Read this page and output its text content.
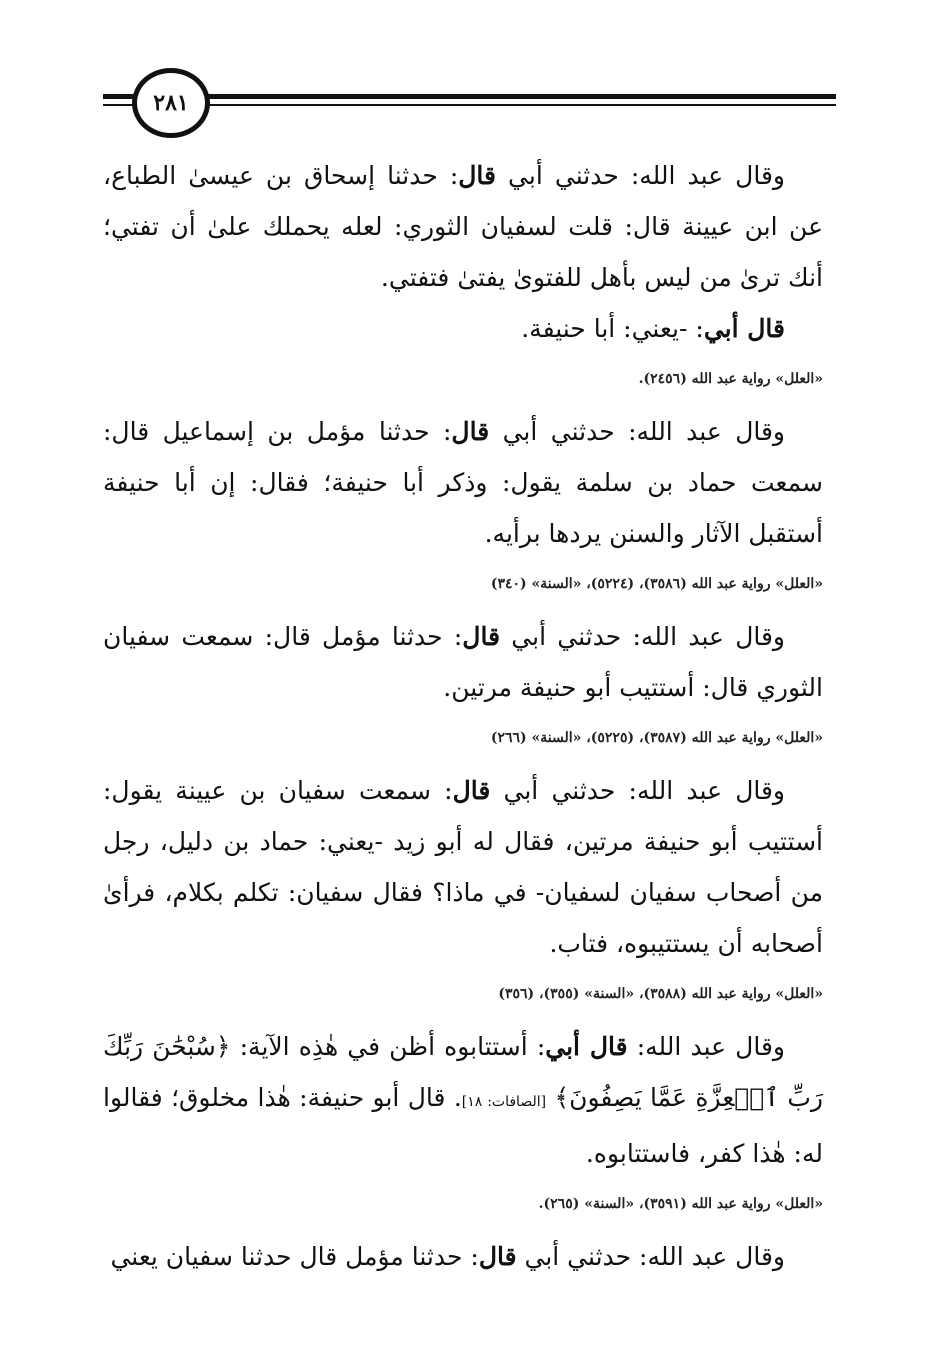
٢٨١

وقال عبد الله: حدثني أبي قال: حدثنا إسحاق بن عيسىٰ الطباع، عن ابن عيينة قال: قلت لسفيان الثوري: لعله يحملك علىٰ أن تفتي؛ أنك ترىٰ من ليس بأهل للفتوىٰ يفتىٰ فتفتي.

قال أبي: -يعني: أبا حنيفة.

«العلل» رواية عبد الله (٢٤٥٦).

وقال عبد الله: حدثني أبي قال: حدثنا مؤمل بن إسماعيل قال: سمعت حماد بن سلمة يقول: وذكر أبا حنيفة؛ فقال: إن أبا حنيفة أستقبل الآثار والسنن يردها برأيه.

«العلل» رواية عبد الله (٣٥٨٦)، (٥٢٢٤)، «السنة» (٣٤٠)

وقال عبد الله: حدثني أبي قال: حدثنا مؤمل قال: سمعت سفيان الثوري قال: أستتيب أبو حنيفة مرتين.

«العلل» رواية عبد الله (٣٥٨٧)، (٥٢٢٥)، «السنة» (٢٦٦)

وقال عبد الله: حدثني أبي قال: سمعت سفيان بن عيينة يقول: أستتيب أبو حنيفة مرتين، فقال له أبو زيد -يعني: حماد بن دليل، رجل من أصحاب سفيان لسفيان- في ماذا؟ فقال سفيان: تكلم بكلام، فرأىٰ أصحابه أن يستتيبوه، فتاب.

«العلل» رواية عبد الله (٣٥٨٨)، «السنة» (٣٥٥)، (٣٥٦)

وقال عبد الله: قال أبي: أستتابوه أظن في هٰذِه الآية: ﴿سُبْحَٰنَ رَبِّكَ رَبِّ ٱلۡعِزَّةِ عَمَّا يَصِفُونَ﴾ [الصافات: ١٨]. قال أبو حنيفة: هٰذا مخلوق؛ فقالوا له: هٰذا كفر، فاستتابوه.

«العلل» رواية عبد الله (٣٥٩١)، «السنة» (٢٦٥).

وقال عبد الله: حدثني أبي قال: حدثنا مؤمل قال حدثنا سفيان يعني
